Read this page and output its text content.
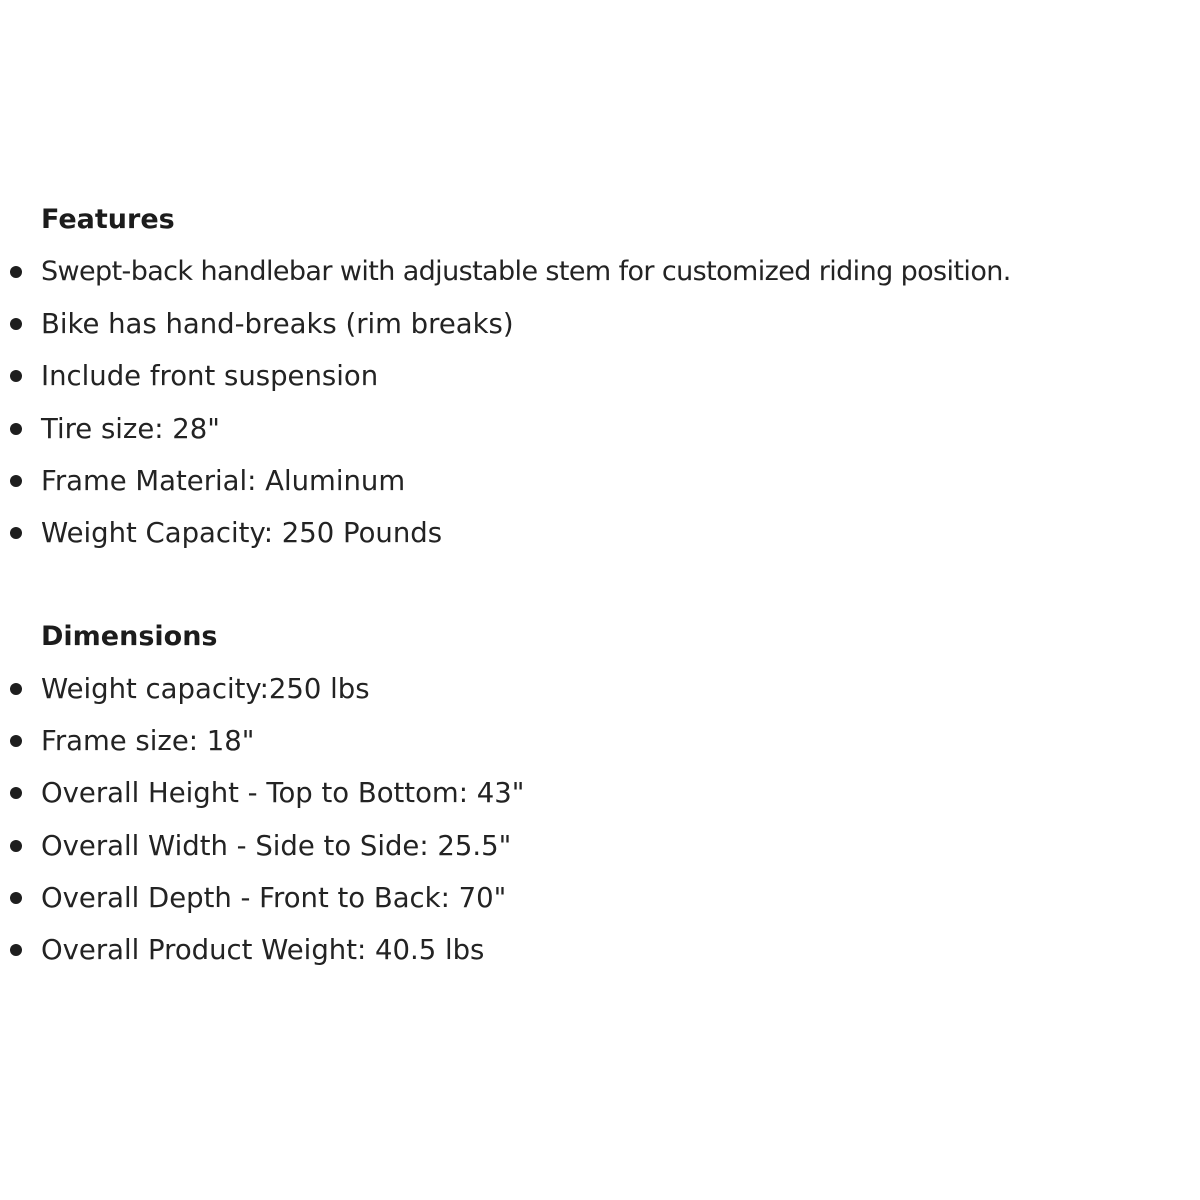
Features
Swept-back handlebar with adjustable stem for customized riding position.
Bike has hand-breaks (rim breaks)
Include front suspension
Tire size: 28"
Frame Material: Aluminum
Weight Capacity: 250 Pounds
Dimensions
Weight capacity:250 lbs
Frame size: 18"
Overall Height - Top to Bottom: 43"
Overall Width - Side to Side: 25.5"
Overall Depth - Front to Back: 70"
Overall Product Weight: 40.5 lbs
